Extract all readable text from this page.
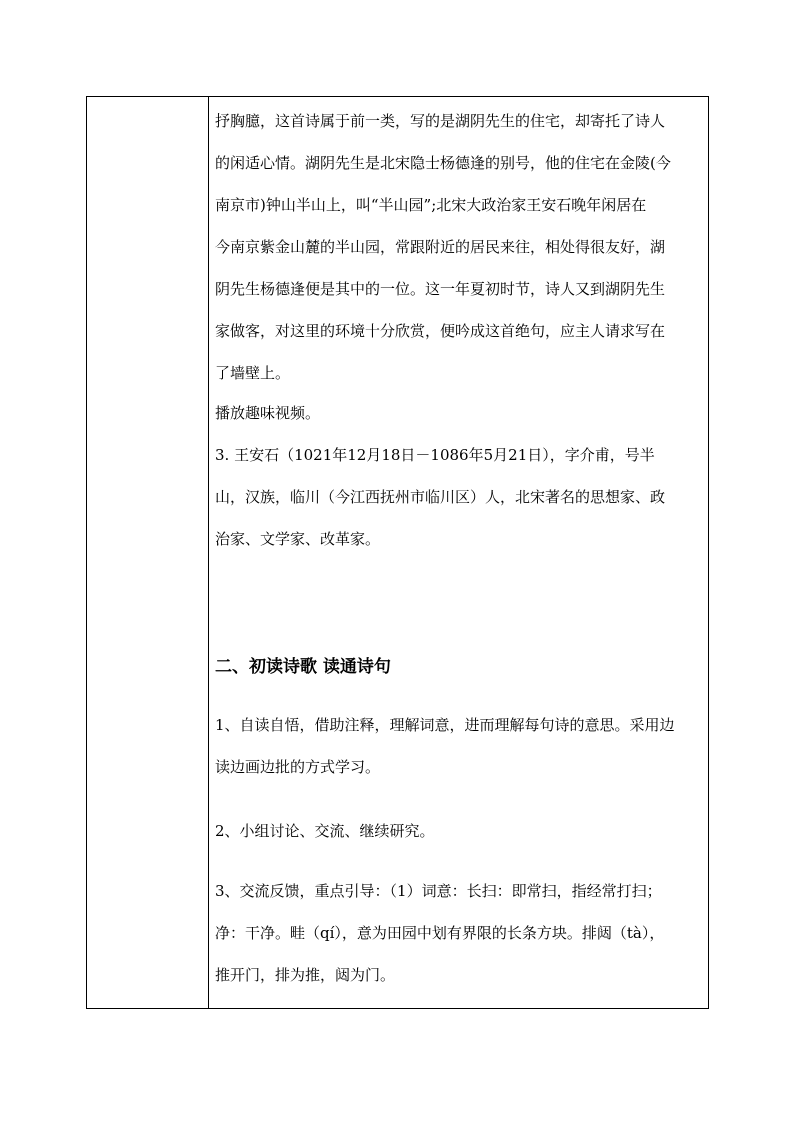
抒胸臆，这首诗属于前一类，写的是湖阴先生的住宅，却寄托了诗人
的闲适心情。湖阴先生是北宋隐士杨德逢的别号，他的住宅在金陵(今
南京市)钟山半山上，叫“半山园”;北宋大政治家王安石晚年闲居在
今南京紫金山麓的半山园，常跟附近的居民来往，相处得很友好，湖
阴先生杨德逢便是其中的一位。这一年夏初时节，诗人又到湖阴先生
家做客，对这里的环境十分欣赏，便吟成这首绝句，应主人请求写在
了墙壁上。
播放趣味视频。
3. 王安石（1021年12月18日－1086年5月21日），字介甫，号半
山，汉族，临川（今江西抚州市临川区）人，北宋著名的思想家、政
治家、文学家、改革家。
二、初读诗歌 读通诗句
1、自读自悟，借助注释，理解词意，进而理解每句诗的意思。采用边
读边画边批的方式学习。
2、小组讨论、交流、继续研究。
3、交流反馈，重点引导：（1）词意：长扫：即常扫，指经常打扫；
净：干净。畦（qí），意为田园中划有界限的长条方块。排闼（tà），
推开门，排为推，闼为门。
